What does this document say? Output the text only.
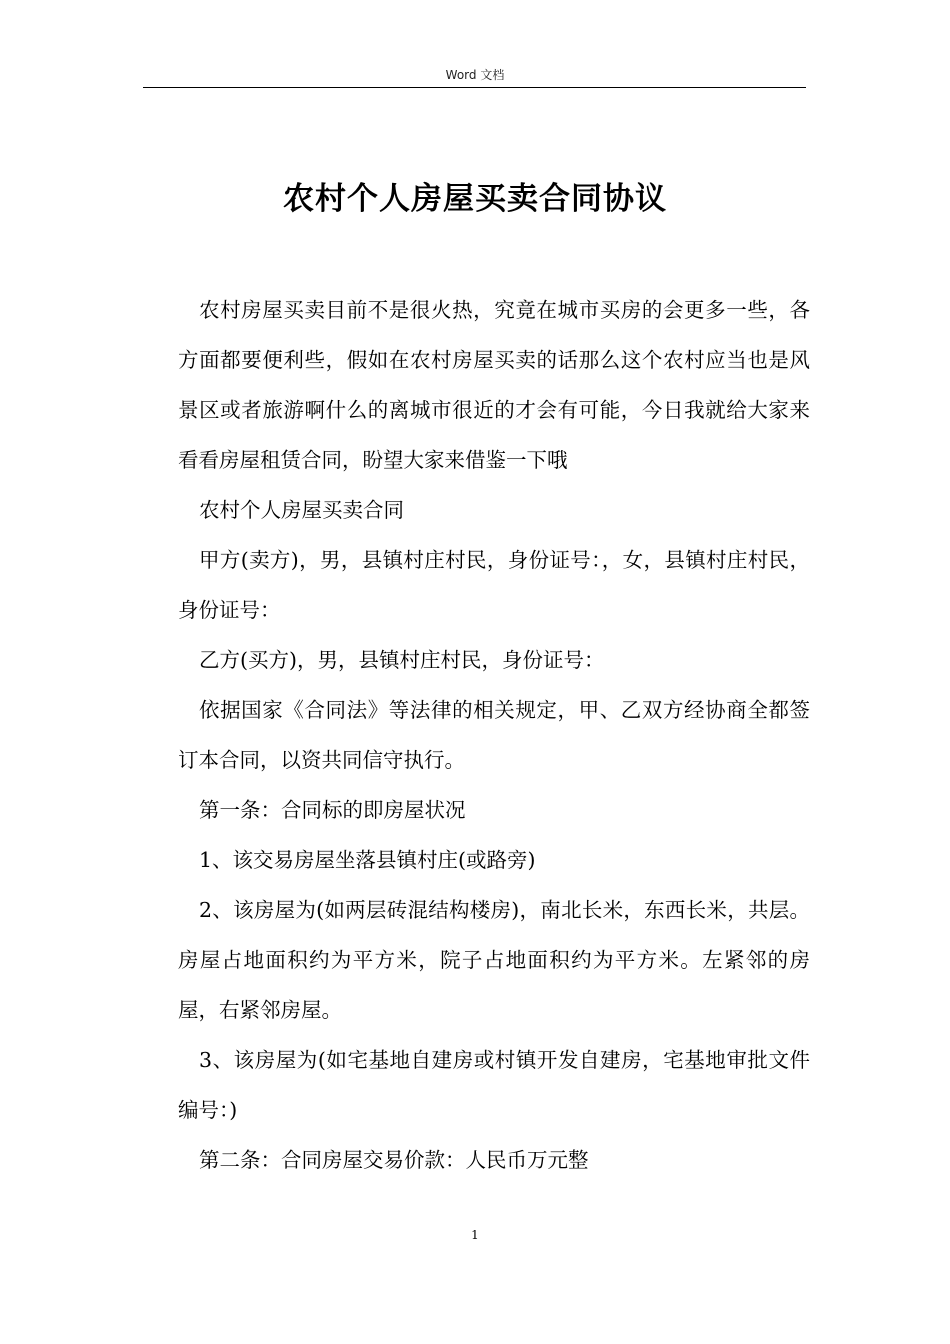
Word 文档
农村个人房屋买卖合同协议

农村房屋买卖目前不是很火热，究竟在城市买房的会更多一些，各方面都要便利些，假如在农村房屋买卖的话那么这个农村应当也是风景区或者旅游啊什么的离城市很近的才会有可能，今日我就给大家来看看房屋租赁合同，盼望大家来借鉴一下哦

农村个人房屋买卖合同

甲方(卖方)，男，县镇村庄村民，身份证号：，女，县镇村庄村民，身份证号：

乙方(买方)，男，县镇村庄村民，身份证号：

依据国家《合同法》等法律的相关规定，甲、乙双方经协商全都签订本合同，以资共同信守执行。

第一条：合同标的即房屋状况

1、该交易房屋坐落县镇村庄(或路旁)

2、该房屋为(如两层砖混结构楼房)，南北长米，东西长米，共层。房屋占地面积约为平方米，院子占地面积约为平方米。左紧邻的房屋，右紧邻房屋。

3、该房屋为(如宅基地自建房或村镇开发自建房，宅基地审批文件编号：)

第二条：合同房屋交易价款：人民币万元整

1
